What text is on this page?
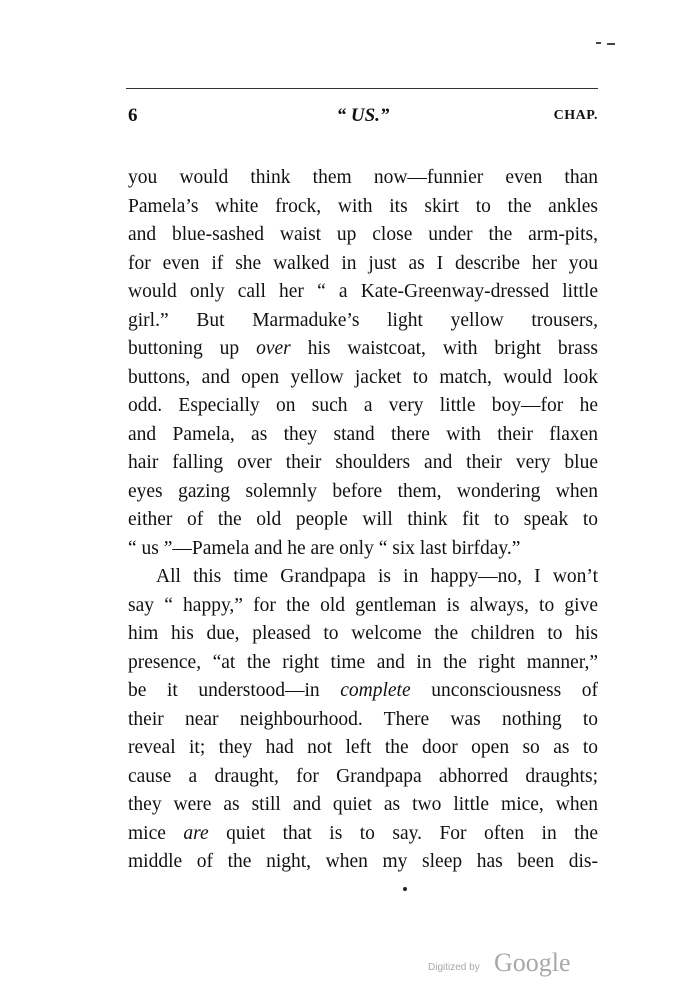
6	“ US.”	CHAP.
you would think them now—funnier even than
Pamela’s white frock, with its skirt to the ankles
and blue-sashed waist up close under the arm-pits,
for even if she walked in just as I describe her you
would only call her “ a Kate-Greenway-dressed little
girl.” But Marmaduke’s light yellow trousers,
buttoning up over his waistcoat, with bright brass
buttons, and open yellow jacket to match, would look
odd. Especially on such a very little boy—for he
and Pamela, as they stand there with their flaxen
hair falling over their shoulders and their very blue
eyes gazing solemnly before them, wondering when
either of the old people will think fit to speak to
“ us ”—Pamela and he are only “ six last birfday.”
All this time Grandpapa is in happy—no, I won’t
say “ happy,” for the old gentleman is always, to give
him his due, pleased to welcome the children to his
presence, “at the right time and in the right manner,”
be it understood—in complete unconsciousness of
their near neighbourhood. There was nothing to
reveal it; they had not left the door open so as to
cause a draught, for Grandpapa abhorred draughts;
they were as still and quiet as two little mice, when
mice are quiet that is to say. For often in the
middle of the night, when my sleep has been dis-
Digitized by Google
